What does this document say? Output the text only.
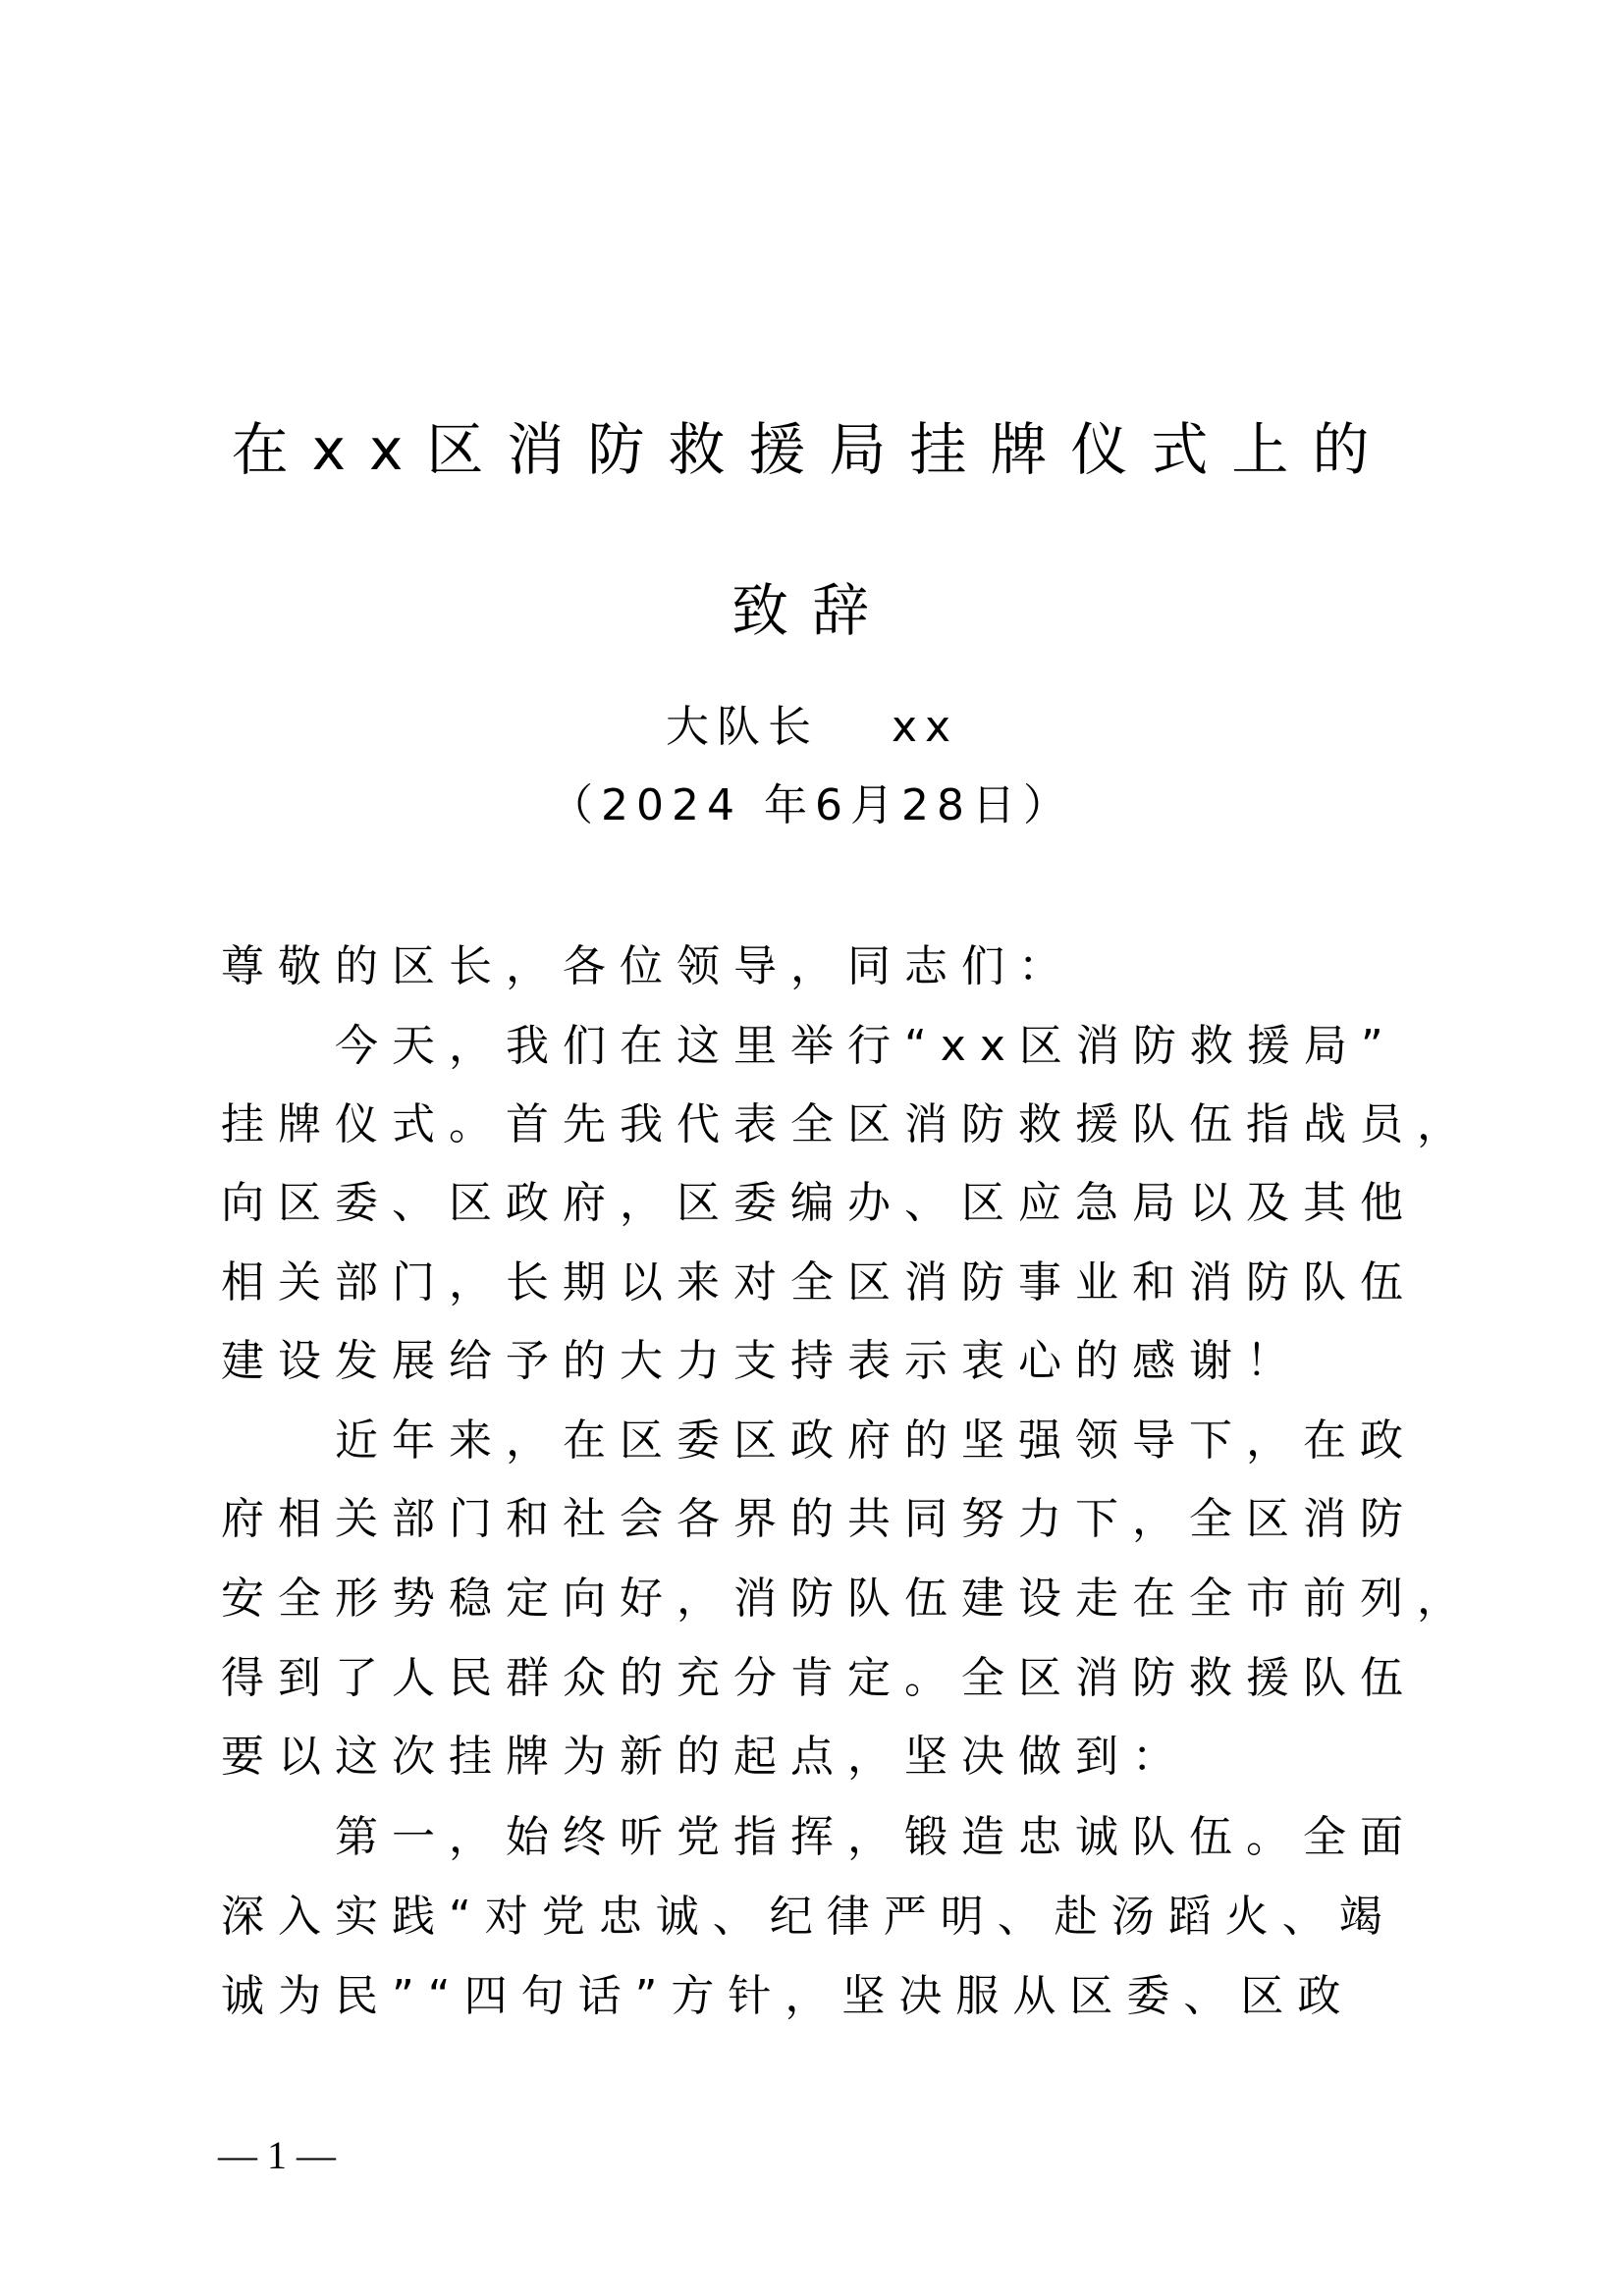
在xx区消防救援局挂牌仪式上的
致辞
大队长　 xx
（2024 年6月28日）
尊敬的区长，各位领导，同志们：
今天，我们在这里举行“xx区消防救援局”
挂牌仪式。首先我代表全区消防救援队伍指战员，
向区委、区政府，区委编办、区应急局以及其他
相关部门，长期以来对全区消防事业和消防队伍
建设发展给予的大力支持表示衷心的感谢！
近年来，在区委区政府的坚强领导下，在政
府相关部门和社会各界的共同努力下，全区消防
安全形势稳定向好，消防队伍建设走在全市前列，
得到了人民群众的充分肯定。全区消防救援队伍
要以这次挂牌为新的起点，坚决做到：
第一，始终听党指挥，锻造忠诚队伍。全面
深入实践“对党忠诚、纪律严明、赴汤蹈火、竭
诚为民”“四句话”方针，坚决服从区委、区政
— 1 —
